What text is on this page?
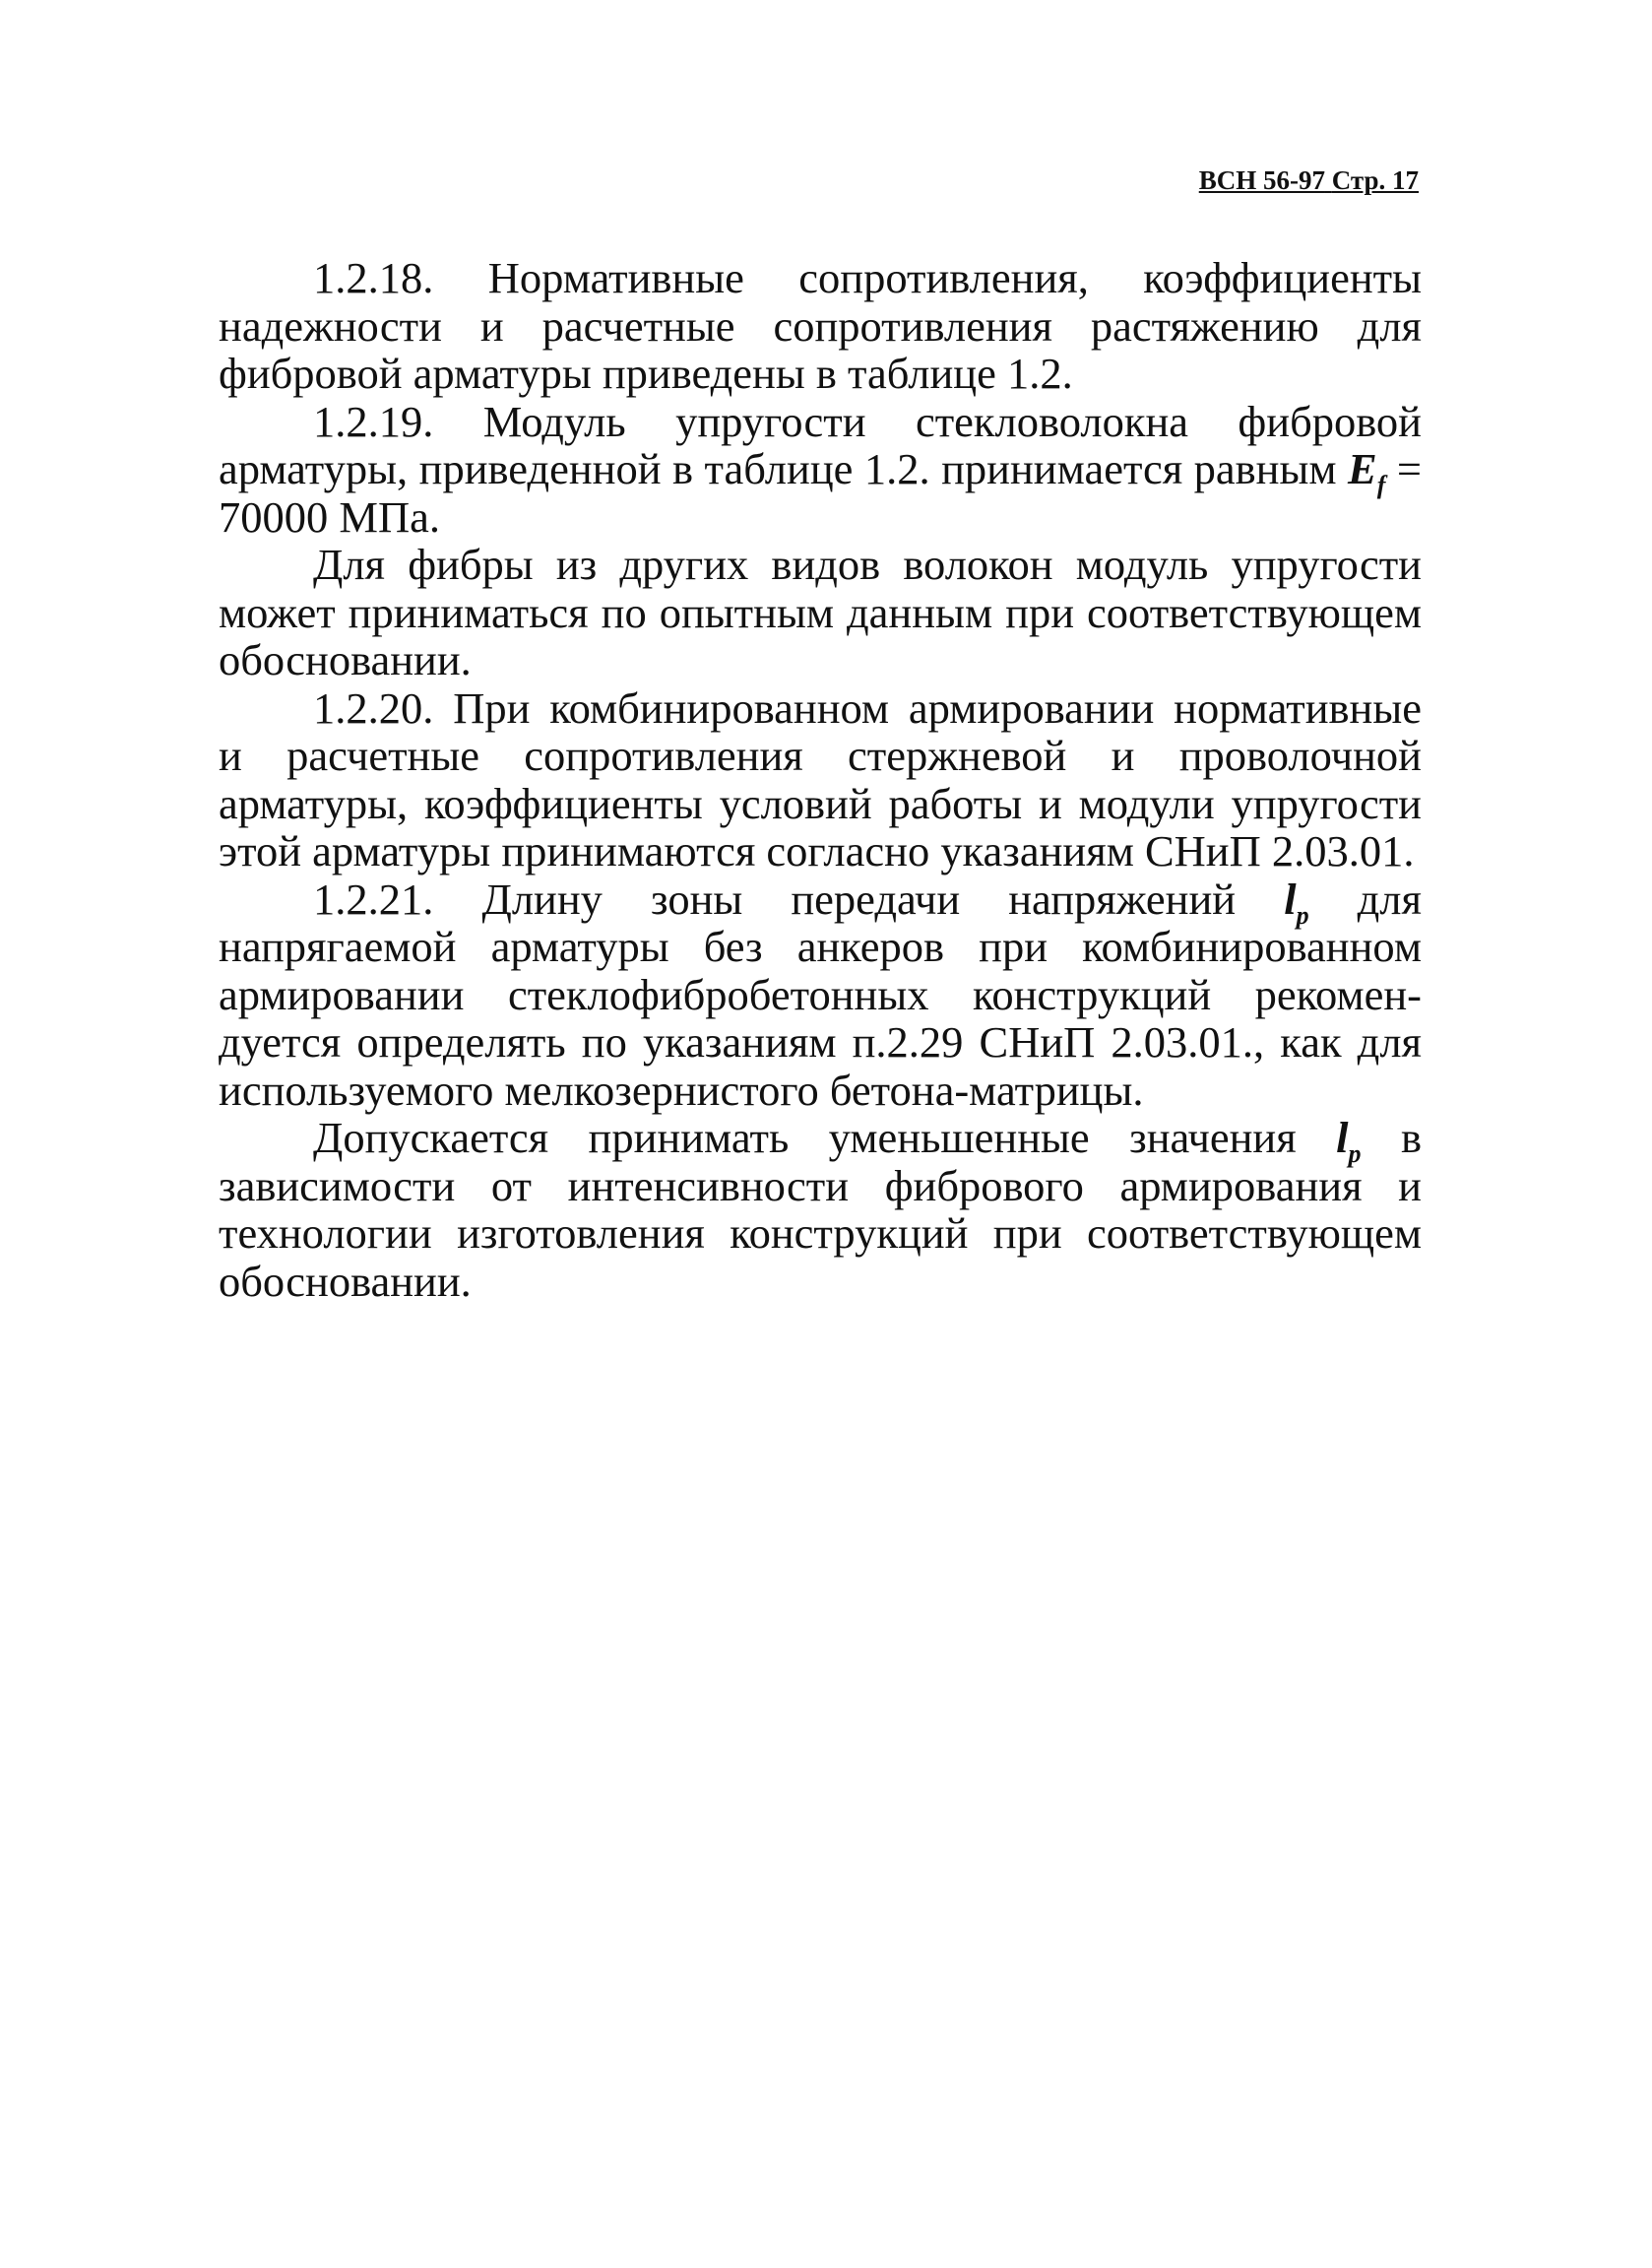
ВСН 56-97 Стр. 17

1.2.18. Нормативные сопротивления, коэффициенты надежности и расчетные сопротивления растяжению для фибровой арматуры приведены в таблице 1.2.

1.2.19. Модуль упругости стекловолокна фибровой арматуры, приведенной в таблице 1.2. принимается равным $E_f = 70000$ МПа.

Для фибры из других видов волокон модуль упругости может приниматься по опытным данным при соответствующем обосновании.

1.2.20. При комбинированном армировании нормативные и расчетные сопротивления стержневой и проволочной арматуры, коэффициенты условий работы и модули упругости этой арматуры принимаются согласно указаниям СНиП 2.03.01.

1.2.21. Длину зоны передачи напряжений $l_p$ для напрягаемой арматуры без анкеров при комбинированном армировании стеклофибробетонных конструкций рекомендуется определять по указаниям п.2.29 СНиП 2.03.01., как для используемого мелкозернистого бетона-матрицы.

Допускается принимать уменьшенные значения $l_p$ в зависимости от интенсивности фибрового армирования и технологии изготовления конструкций при соответствующем обосновании.
